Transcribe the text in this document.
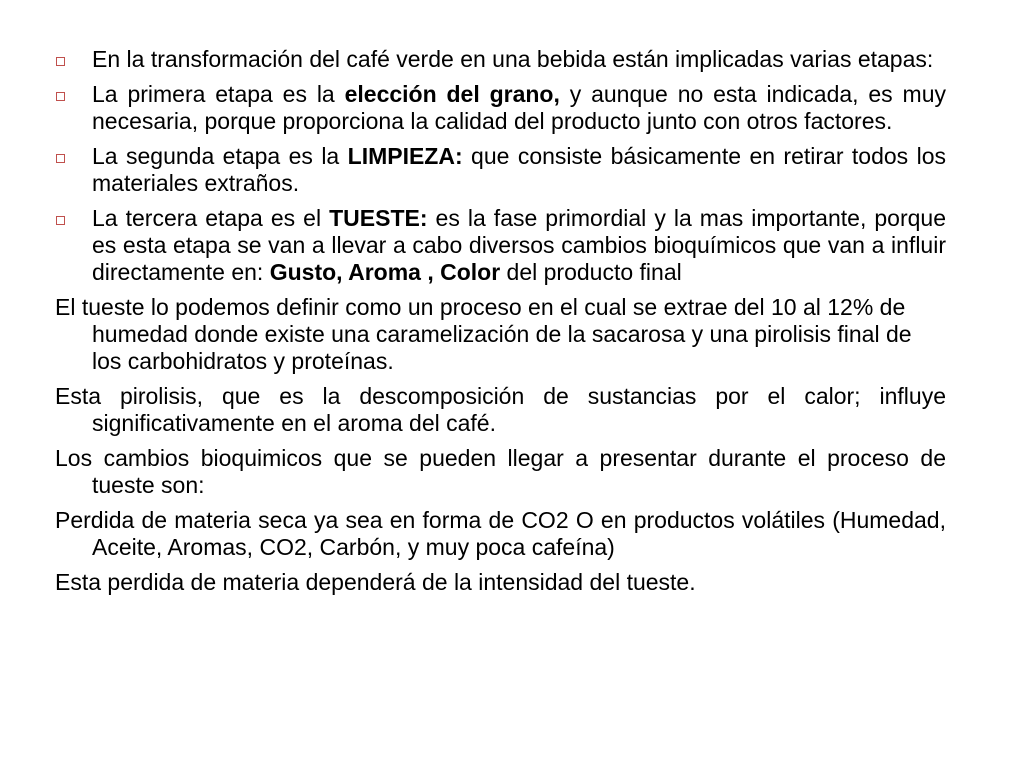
En la transformación del café verde en una bebida están implicadas varias etapas:
La primera etapa es la elección del grano, y aunque no esta indicada, es muy necesaria, porque proporciona la calidad del producto junto con otros factores.
La segunda etapa es la LIMPIEZA: que consiste básicamente en retirar todos los materiales extraños.
La tercera etapa es el TUESTE: es la fase primordial y la mas importante, porque es esta etapa se van a llevar a cabo diversos cambios bioquímicos que van a influir directamente en: Gusto, Aroma , Color del producto final
El tueste lo podemos definir como un proceso en el cual se extrae del 10 al 12% de humedad donde existe una caramelización de la sacarosa y una pirolisis final de los carbohidratos y proteínas.
Esta pirolisis, que es la descomposición de sustancias por el calor; influye significativamente en el aroma del café.
Los cambios bioquimicos que se pueden llegar a presentar durante el proceso de tueste son:
Perdida de materia seca ya sea en forma de CO2 O en productos volátiles (Humedad, Aceite, Aromas, CO2, Carbón, y muy poca cafeína)
Esta perdida de materia dependerá de la intensidad del tueste.
